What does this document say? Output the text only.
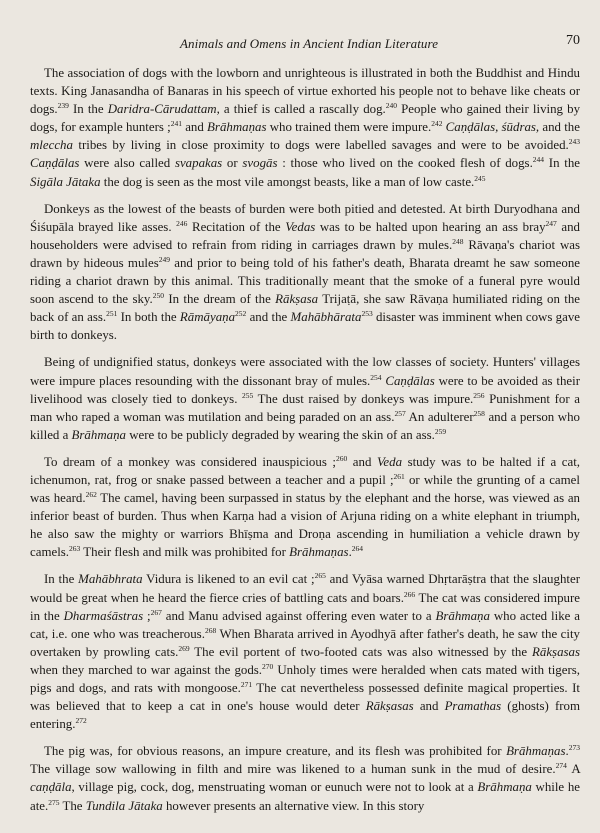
Animals and Omens in Ancient Indian Literature	70

The association of dogs with the lowborn and unrighteous is illustrated in both the Buddhist and Hindu texts. King Janasandha of Banaras in his speech of virtue exhorted his people not to behave like cheats or dogs.$^{239}$ In the Daridra-Cārudattam, a thief is called a rascally dog.$^{240}$ People who gained their living by dogs, for example hunters ;$^{241}$ and Brāhmaṇas who trained them were impure.$^{242}$ Caṇḍālas, śūdras, and the mleccha tribes by living in close proximity to dogs were labelled savages and were to be avoided.$^{243}$ Caṇḍālas were also called svapakas or svogās : those who lived on the cooked flesh of dogs.$^{244}$ In the Sigāla Jātaka the dog is seen as the most vile amongst beasts, like a man of low caste.$^{245}$

Donkeys as the lowest of the beasts of burden were both pitied and detested. At birth Duryodhana and Śiśupāla brayed like asses. $^{246}$ Recitation of the Vedas was to be halted upon hearing an ass bray$^{247}$ and householders were advised to refrain from riding in carriages drawn by mules.$^{248}$ Rāvaṇa's chariot was drawn by hideous mules$^{249}$ and prior to being told of his father's death, Bharata dreamt he saw someone riding a chariot drawn by this animal. This traditionally meant that the smoke of a funeral pyre would soon ascend to the sky.$^{250}$ In the dream of the Rākṣasa Trijaṭā, she saw Rāvaṇa humiliated riding on the back of an ass.$^{251}$ In both the Rāmāyaṇa$^{252}$ and the Mahābhārata$^{253}$ disaster was imminent when cows gave birth to donkeys.

Being of undignified status, donkeys were associated with the low classes of society. Hunters' villages were impure places resounding with the dissonant bray of mules.$^{254}$ Caṇḍālas were to be avoided as their livelihood was closely tied to donkeys. $^{255}$ The dust raised by donkeys was impure.$^{256}$ Punishment for a man who raped a woman was mutilation and being paraded on an ass.$^{257}$ An adulterer$^{258}$ and a person who killed a Brāhmaṇa were to be publicly degraded by wearing the skin of an ass.$^{259}$

To dream of a monkey was considered inauspicious ;$^{260}$ and Veda study was to be halted if a cat, ichenumon, rat, frog or snake passed between a teacher and a pupil ;$^{261}$ or while the grunting of a camel was heard.$^{262}$ The camel, having been surpassed in status by the elephant and the horse, was viewed as an inferior beast of burden. Thus when Karṇa had a vision of Arjuna riding on a white elephant in triumph, he also saw the mighty or warriors Bhīṣma and Droṇa ascending in humiliation a vehicle drawn by camels.$^{263}$ Their flesh and milk was prohibited for Brāhmaṇas.$^{264}$

In the Mahābhrata Vidura is likened to an evil cat ;$^{265}$ and Vyāsa warned Dhṛtarāṣtra that the slaughter would be great when he heard the fierce cries of battling cats and boars.$^{266}$ The cat was considered impure in the Dharmaśāstras ;$^{267}$ and Manu advised against offering even water to a Brāhmaṇa who acted like a cat, i.e. one who was treacherous.$^{268}$ When Bharata arrived in Ayodhyā after father's death, he saw the city overtaken by prowling cats.$^{269}$ The evil portent of two-footed cats was also witnessed by the Rākṣasas when they marched to war against the gods.$^{270}$ Unholy times were heralded when cats mated with tigers, pigs and dogs, and rats with mongoose.$^{271}$ The cat nevertheless possessed definite magical properties. It was believed that to keep a cat in one's house would deter Rākṣasas and Pramathas (ghosts) from entering.$^{272}$

The pig was, for obvious reasons, an impure creature, and its flesh was prohibited for Brāhmaṇas.$^{273}$ The village sow wallowing in filth and mire was likened to a human sunk in the mud of desire.$^{274}$ A caṇḍāla, village pig, cock, dog, menstruating woman or eunuch were not to look at a Brāhmaṇa while he ate.$^{275}$ The Tundila Jātaka however presents an alternative view. In this story
